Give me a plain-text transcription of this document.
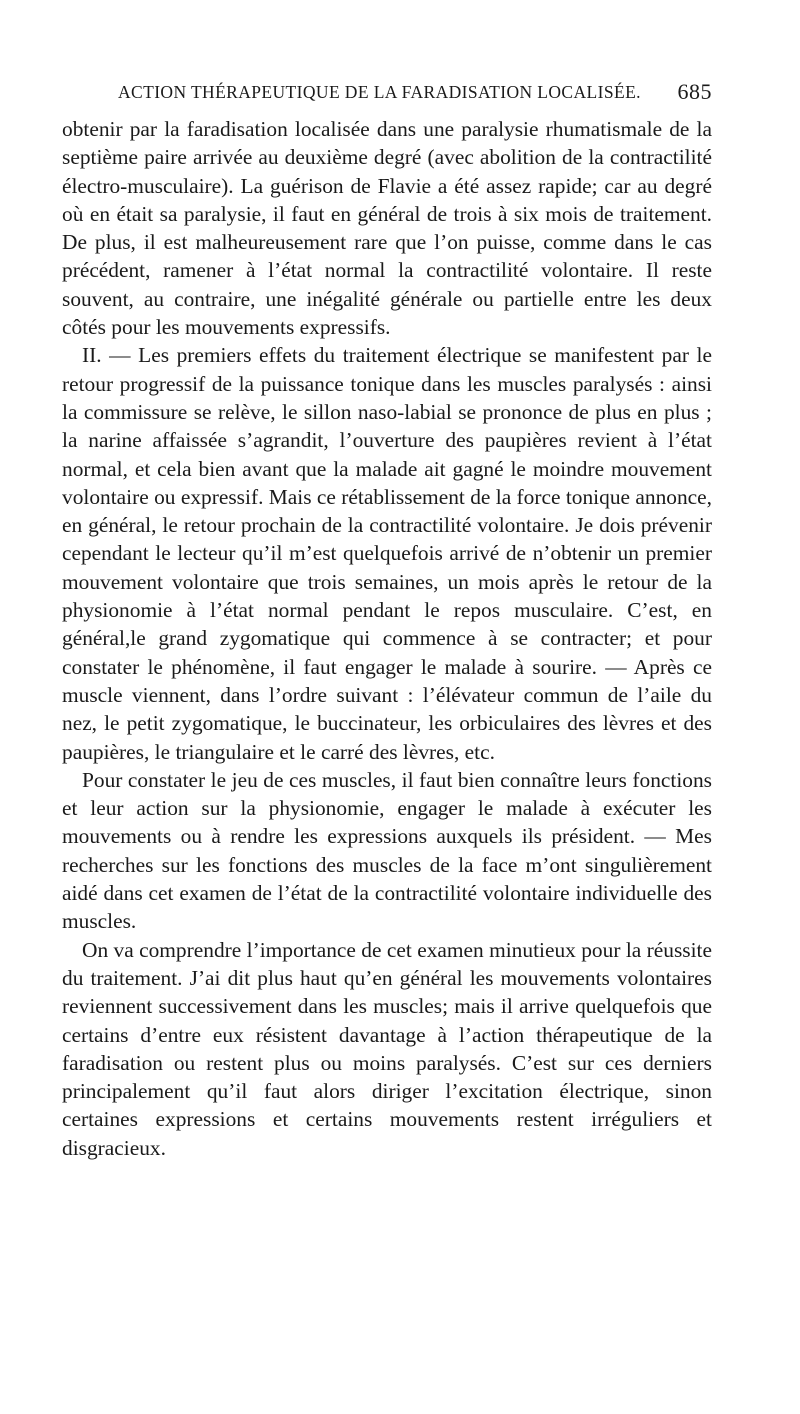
ACTION THÉRAPEUTIQUE DE LA FARADISATION LOCALISÉE. 685

obtenir par la faradisation localisée dans une paralysie rhumatismale de la septième paire arrivée au deuxième degré (avec abolition de la contractilité électro-musculaire). La guérison de Flavie a été assez rapide; car au degré où en était sa paralysie, il faut en général de trois à six mois de traitement. De plus, il est malheureusement rare que l’on puisse, comme dans le cas précédent, ramener à l’état normal la contractilité volontaire. Il reste souvent, au contraire, une inégalité générale ou partielle entre les deux côtés pour les mouvements expressifs.

II. — Les premiers effets du traitement électrique se manifestent par le retour progressif de la puissance tonique dans les muscles paralysés : ainsi la commissure se relève, le sillon naso-labial se prononce de plus en plus ; la narine affaissée s’agrandit, l’ouverture des paupières revient à l’état normal, et cela bien avant que la malade ait gagné le moindre mouvement volontaire ou expressif. Mais ce rétablissement de la force tonique annonce, en général, le retour prochain de la contractilité volontaire. Je dois prévenir cependant le lecteur qu’il m’est quelquefois arrivé de n’obtenir un premier mouvement volontaire que trois semaines, un mois après le retour de la physionomie à l’état normal pendant le repos musculaire. C’est, en général,le grand zygomatique qui commence à se contracter; et pour constater le phénomène, il faut engager le malade à sourire. — Après ce muscle viennent, dans l’ordre suivant : l’élévateur commun de l’aile du nez, le petit zygomatique, le buccinateur, les orbiculaires des lèvres et des paupières, le triangulaire et le carré des lèvres, etc.

Pour constater le jeu de ces muscles, il faut bien connaître leurs fonctions et leur action sur la physionomie, engager le malade à exécuter les mouvements ou à rendre les expressions auxquels ils président. — Mes recherches sur les fonctions des muscles de la face m’ont singulièrement aidé dans cet examen de l’état de la contractilité volontaire individuelle des muscles.

On va comprendre l’importance de cet examen minutieux pour la réussite du traitement. J’ai dit plus haut qu’en général les mouvements volontaires reviennent successivement dans les muscles; mais il arrive quelquefois que certains d’entre eux résistent davantage à l’action thérapeutique de la faradisation ou restent plus ou moins paralysés. C’est sur ces derniers principalement qu’il faut alors diriger l’excitation électrique, sinon certaines expressions et certains mouvements restent irréguliers et disgracieux.
